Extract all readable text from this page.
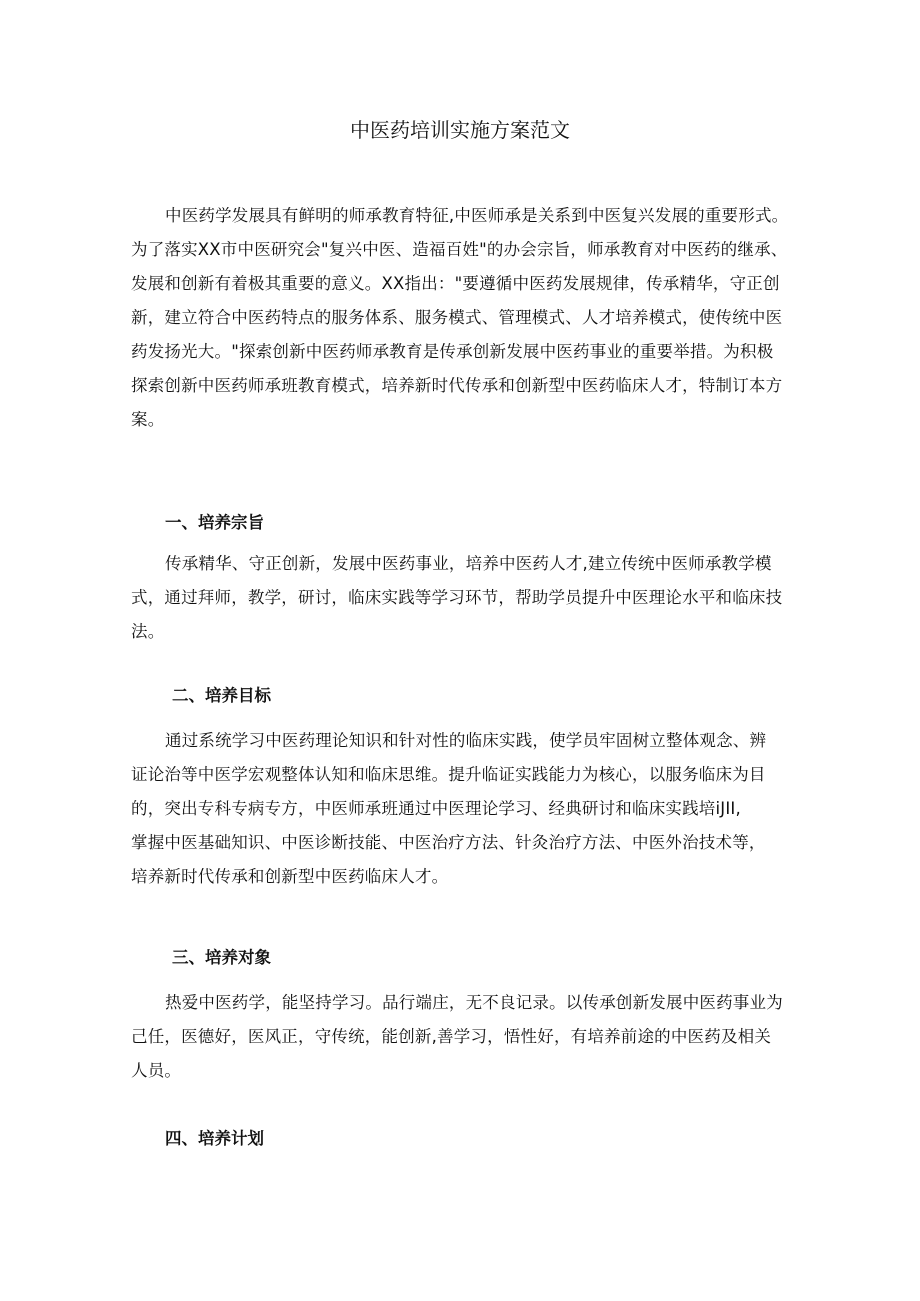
中医药培训实施方案范文
中医药学发展具有鲜明的师承教育特征,中医师承是关系到中医复兴发展的重要形式。
为了落实XX市中医研究会"复兴中医、造福百姓"的办会宗旨，师承教育对中医药的继承、
发展和创新有着极其重要的意义。XX指出："要遵循中医药发展规律，传承精华，守正创
新，建立符合中医药特点的服务体系、服务模式、管理模式、人才培养模式，使传统中医
药发扬光大。"探索创新中医药师承教育是传承创新发展中医药事业的重要举措。为积极
探索创新中医药师承班教育模式，培养新时代传承和创新型中医药临床人才，特制订本方
案。
一、培养宗旨
传承精华、守正创新，发展中医药事业，培养中医药人才,建立传统中医师承教学模
式，通过拜师，教学，研讨，临床实践等学习环节，帮助学员提升中医理论水平和临床技
法。
二、培养目标
通过系统学习中医药理论知识和针对性的临床实践，使学员牢固树立整体观念、辨
证论治等中医学宏观整体认知和临床思维。提升临证实践能力为核心，以服务临床为目
的，突出专科专病专方，中医师承班通过中医理论学习、经典研讨和临床实践培iJII,
掌握中医基础知识、中医诊断技能、中医治疗方法、针灸治疗方法、中医外治技术等，
培养新时代传承和创新型中医药临床人才。
三、培养对象
热爱中医药学，能坚持学习。品行端庄，无不良记录。以传承创新发展中医药事业为
己任，医德好，医风正，守传统，能创新,善学习，悟性好，有培养前途的中医药及相关
人员。
四、培养计划
